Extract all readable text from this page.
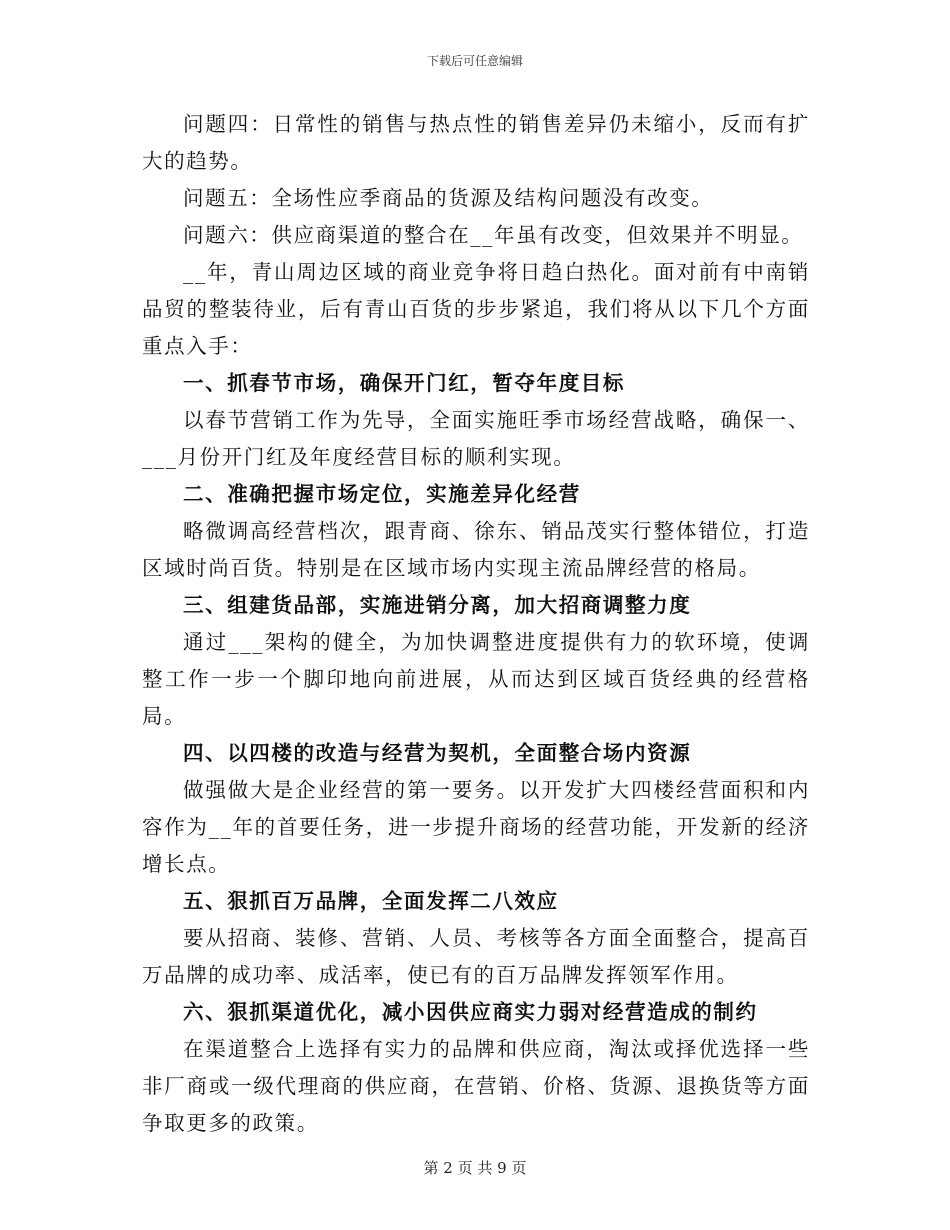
下载后可任意编辑

问题四：日常性的销售与热点性的销售差异仍未缩小，反而有扩大的趋势。

问题五：全场性应季商品的货源及结构问题没有改变。

问题六：供应商渠道的整合在__年虽有改变，但效果并不明显。

__年，青山周边区域的商业竞争将日趋白热化。面对前有中南销品贸的整装待业，后有青山百货的步步紧追，我们将从以下几个方面重点入手：

一、抓春节市场，确保开门红，暂夺年度目标

以春节营销工作为先导，全面实施旺季市场经营战略，确保一、___月份开门红及年度经营目标的顺利实现。

二、准确把握市场定位，实施差异化经营

略微调高经营档次，跟青商、徐东、销品茂实行整体错位，打造区域时尚百货。特别是在区域市场内实现主流品牌经营的格局。

三、组建货品部，实施进销分离，加大招商调整力度

通过___架构的健全，为加快调整进度提供有力的软环境，使调整工作一步一个脚印地向前进展，从而达到区域百货经典的经营格局。

四、以四楼的改造与经营为契机，全面整合场内资源

做强做大是企业经营的第一要务。以开发扩大四楼经营面积和内容作为__年的首要任务，进一步提升商场的经营功能，开发新的经济增长点。

五、狠抓百万品牌，全面发挥二八效应

要从招商、装修、营销、人员、考核等各方面全面整合，提高百万品牌的成功率、成活率，使已有的百万品牌发挥领军作用。

六、狠抓渠道优化，减小因供应商实力弱对经营造成的制约

在渠道整合上选择有实力的品牌和供应商，淘汰或择优选择一些非厂商或一级代理商的供应商，在营销、价格、货源、退换货等方面争取更多的政策。

第 2 页 共 9 页
